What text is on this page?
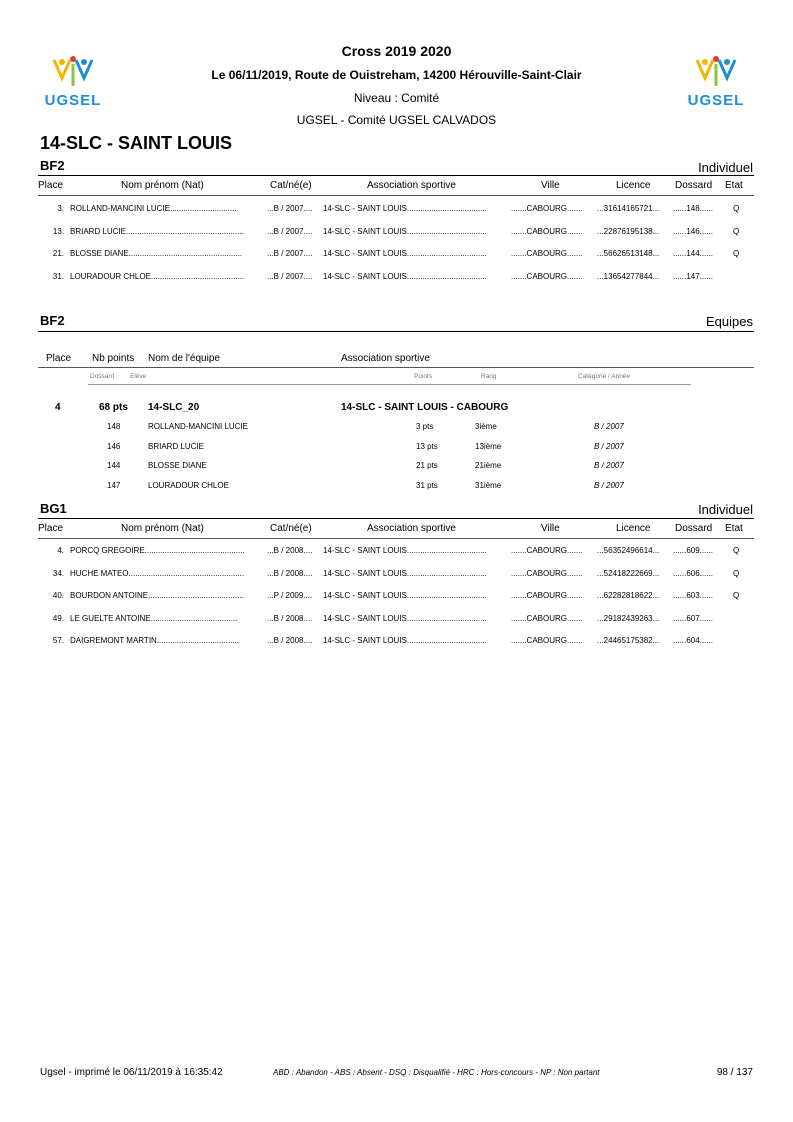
UGSEL	UGSEL
Cross 2019 2020
Le 06/11/2019, Route de Ouistreham, 14200 Hérouville-Saint-Clair
Niveau : Comité
UGSEL - Comité UGSEL CALVADOS
14-SLC - SAINT LOUIS
BF2	Individuel
Place	Nom prénom (Nat)	Cat/né(e)	Association sportive	Ville	Licence Dossard Etat
3. ROLLAND-MANCINI LUCIE..............................	...B / 2007.... 14-SLC - SAINT LOUIS....................................	.......CABOURG....... ...31614165721... ......148...... Q
13. BRIARD LUCIE.....................................................	...B / 2007.... 14-SLC - SAINT LOUIS....................................	.......CABOURG....... ...22876195138... ......146...... Q
21. BLOSSE DIANE...................................................	...B / 2007.... 14-SLC - SAINT LOUIS....................................	.......CABOURG....... ...56626513148... ......144...... Q
31. LOURADOUR CHLOE..........................................	...B / 2007.... 14-SLC - SAINT LOUIS....................................	.......CABOURG....... ...13654277844... ......147......
BF2	Equipes
Place Nb points Nom de l'équipe	Association sportive
Dossard Elève	Points	Rang	Catégorie / Année
4	68 pts 14-SLC_20	14-SLC - SAINT LOUIS - CABOURG
148	ROLLAND-MANCINI LUCIE	3 pts	3ième	B / 2007
146	BRIARD LUCIE	13 pts	13ième	B / 2007
144	BLOSSE DIANE	21 pts	21ième	B / 2007
147	LOURADOUR CHLOE	31 pts	31ième	B / 2007
BG1	Individuel
Place	Nom prénom (Nat)	Cat/né(e)	Association sportive	Ville	Licence Dossard Etat
4. PORCQ GREGOIRE.............................................	...B / 2008.... 14-SLC - SAINT LOUIS....................................	.......CABOURG....... ...56352496614... ......609...... Q
34. HUCHE MATEO....................................................	...B / 2008.... 14-SLC - SAINT LOUIS....................................	.......CABOURG....... ...52418222669... ......606...... Q
40. BOURDON ANTOINE...........................................	...P / 2009.... 14-SLC - SAINT LOUIS....................................	.......CABOURG....... ...62282818622... ......603...... Q
49. LE GUELTE ANTOINE.......................................	...B / 2008.... 14-SLC - SAINT LOUIS....................................	.......CABOURG....... ...29182439263... ......607......
57. DAIGREMONT MARTIN.....................................	...B / 2008.... 14-SLC - SAINT LOUIS....................................	.......CABOURG....... ...24465175382... ......604......
Ugsel - imprimé le 06/11/2019 à 16:35:42	ABD : Abandon - ABS : Absent - DSQ : Disqualifié - HRC : Hors-concours - NP : Non partant	98 / 137
